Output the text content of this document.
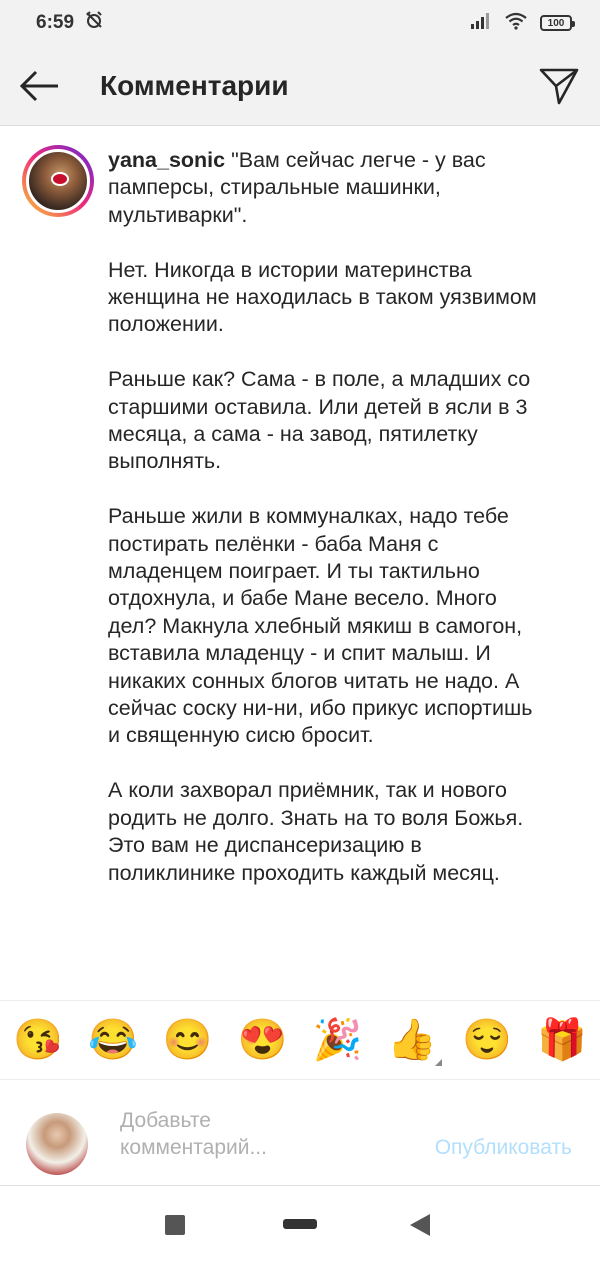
6:59	100
Комментарии

yana_sonic "Вам сейчас легче - у вас памперсы, стиральные машинки, мультиварки".

Нет. Никогда в истории материнства женщина не находилась в таком уязвимом положении.

Раньше как? Сама - в поле, а младших со старшими оставила. Или детей в ясли в 3 месяца, а сама - на завод, пятилетку выполнять.

Раньше жили в коммуналках, надо тебе постирать пелёнки - баба Маня с младенцем поиграет. И ты тактильно отдохнула, и бабе Мане весело. Много дел? Макнула хлебный мякиш в самогон, вставила младенцу - и спит малыш. И никаких сонных блогов читать не надо. А сейчас соску ни-ни, ибо прикус испортишь и священную сисю бросит.

А коли захворал приёмник, так и нового родить не долго. Знать на то воля Божья. Это вам не диспансеризацию в поликлинике проходить каждый месяц.

😘 😂 😊 😍 🎉 👍 😌 🎁
Добавьте комментарий...
Опубликовать
